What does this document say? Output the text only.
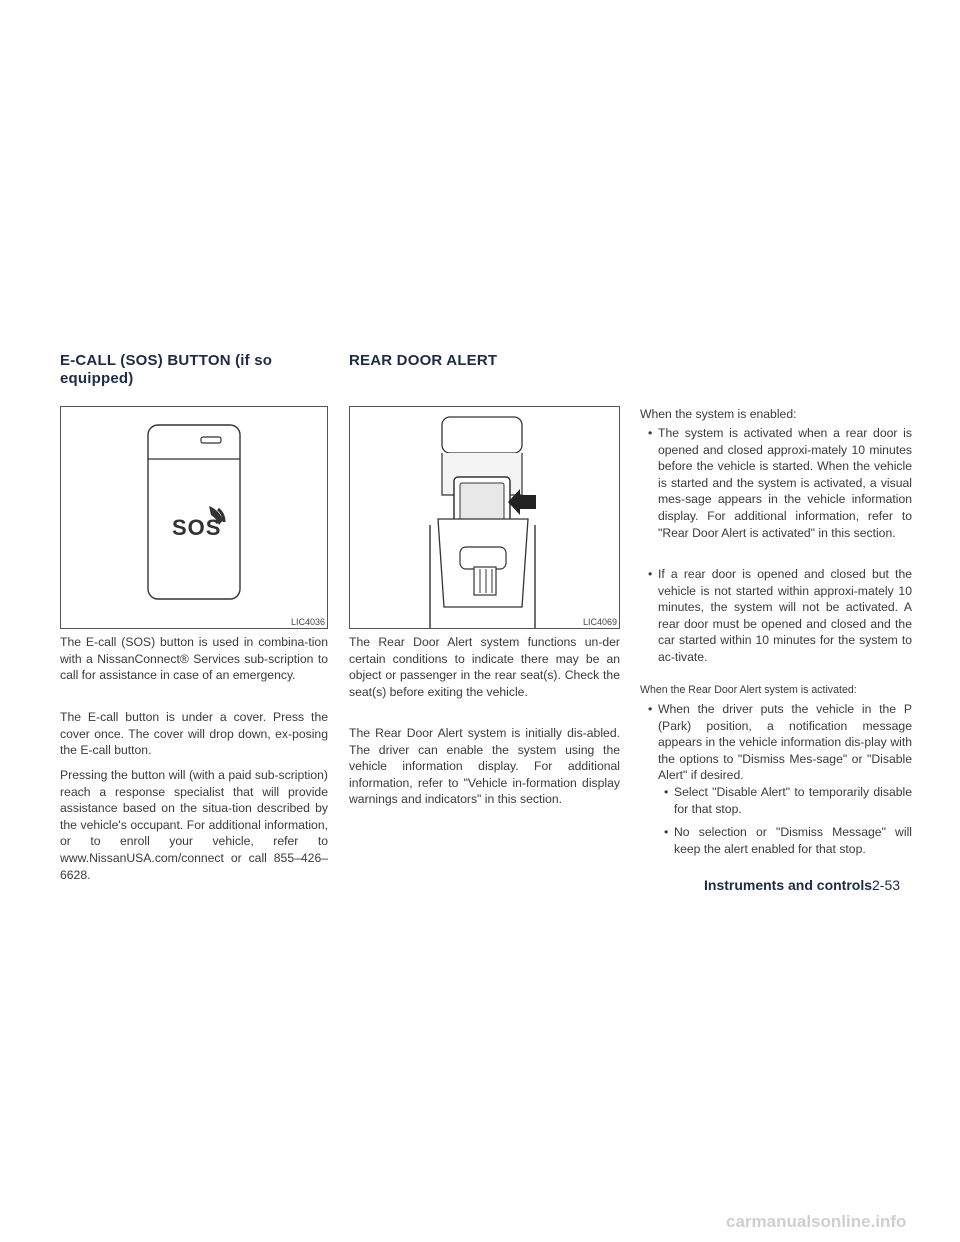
E-CALL (SOS) BUTTON (if so
equipped)
REAR DOOR ALERT
SOS
LIC4036	LIC4069

The E-call (SOS) button is used in combina-tion with a NissanConnect® Services sub-scription to call for assistance in case of an emergency.

The E-call button is under a cover. Press the cover once. The cover will drop down, ex-posing the E-call button.

Pressing the button will (with a paid sub-scription) reach a response specialist that will provide assistance based on the situa-tion described by the vehicle's occupant. For additional information, or to enroll your vehicle, refer to www.NissanUSA.com/connect or call 855–426–6628.

The Rear Door Alert system functions un-der certain conditions to indicate there may be an object or passenger in the rear seat(s). Check the seat(s) before exiting the vehicle.

The Rear Door Alert system is initially dis-abled. The driver can enable the system using the vehicle information display. For additional information, refer to "Vehicle in-formation display warnings and indicators" in this section.

When the system is enabled:

• The system is activated when a rear door is opened and closed approxi-mately 10 minutes before the vehicle is started. When the vehicle is started and the system is activated, a visual mes-sage appears in the vehicle information display. For additional information, refer to "Rear Door Alert is activated" in this section.
• If a rear door is opened and closed but the vehicle is not started within approxi-mately 10 minutes, the system will not be activated. A rear door must be opened and closed and the car started within 10 minutes for the system to ac-tivate.

When the Rear Door Alert system is activated:

• When the driver puts the vehicle in the P (Park) position, a notification message appears in the vehicle information dis-play with the options to "Dismiss Mes-sage" or "Disable Alert" if desired.
• Select "Disable Alert" to temporarily disable for that stop.
• No selection or "Dismiss Message" will keep the alert enabled for that stop.
Instruments and controls 2-53
carmanualsonline.info
